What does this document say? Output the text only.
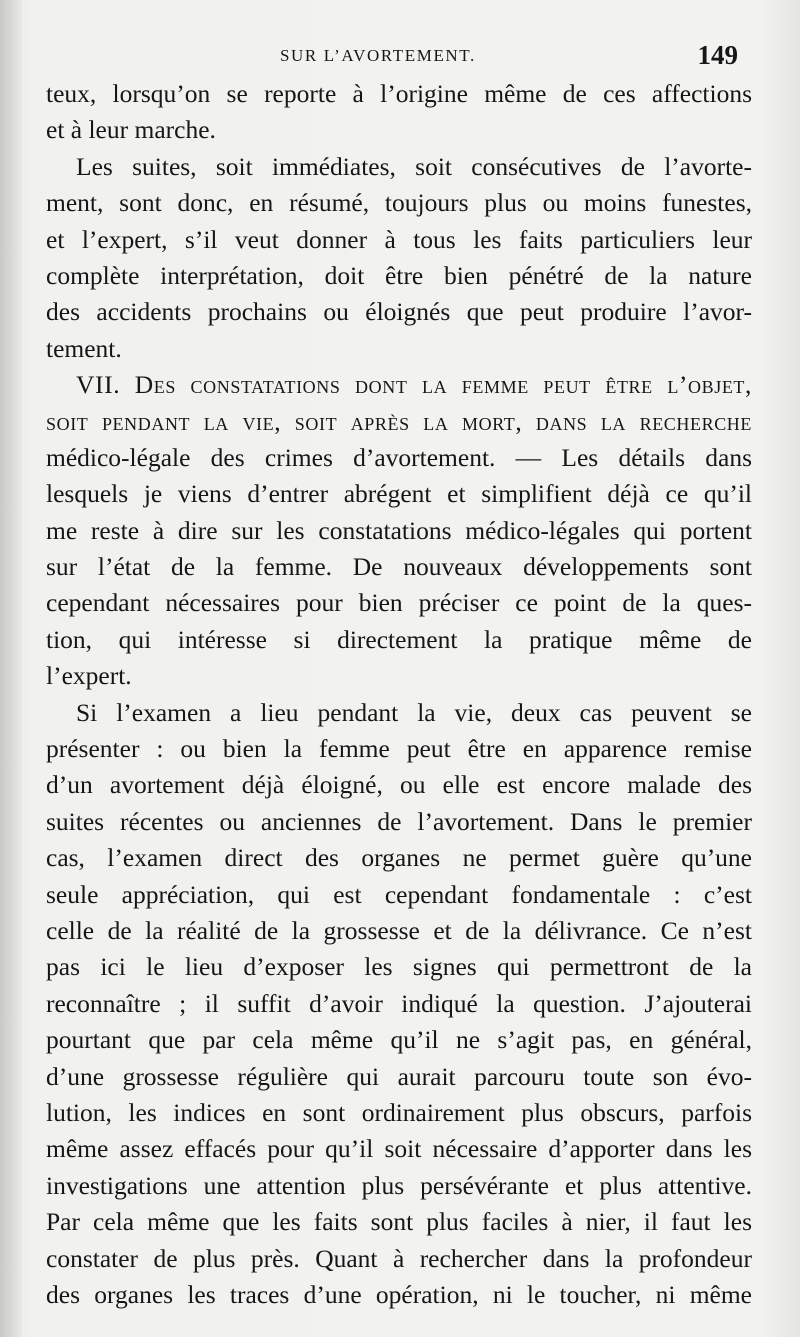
SUR L’AVORTEMENT.	149
teux, lorsqu’on se reporte à l’origine même de ces affections
et à leur marche.
Les suites, soit immédiates, soit consécutives de l’avorte-
ment, sont donc, en résumé, toujours plus ou moins funestes,
et l’expert, s’il veut donner à tous les faits particuliers leur
complète interprétation, doit être bien pénétré de la nature
des accidents prochains ou éloignés que peut produire l’avor-
tement.
VII. Des constatations dont la femme peut être l’objet,
soit pendant la vie, soit après la mort, dans la recherche
médico-légale des crimes d’avortement. — Les détails dans
lesquels je viens d’entrer abrégent et simplifient déjà ce qu’il
me reste à dire sur les constatations médico-légales qui portent
sur l’état de la femme. De nouveaux développements sont
cependant nécessaires pour bien préciser ce point de la ques-
tion, qui intéresse si directement la pratique même de
l’expert.
Si l’examen a lieu pendant la vie, deux cas peuvent se
présenter : ou bien la femme peut être en apparence remise
d’un avortement déjà éloigné, ou elle est encore malade des
suites récentes ou anciennes de l’avortement. Dans le premier
cas, l’examen direct des organes ne permet guère qu’une
seule appréciation, qui est cependant fondamentale : c’est
celle de la réalité de la grossesse et de la délivrance. Ce n’est
pas ici le lieu d’exposer les signes qui permettront de la
reconnaître ; il suffit d’avoir indiqué la question. J’ajouterai
pourtant que par cela même qu’il ne s’agit pas, en général,
d’une grossesse régulière qui aurait parcouru toute son évo-
lution, les indices en sont ordinairement plus obscurs, parfois
même assez effacés pour qu’il soit nécessaire d’apporter dans les
investigations une attention plus persévérante et plus attentive.
Par cela même que les faits sont plus faciles à nier, il faut les
constater de plus près. Quant à rechercher dans la profondeur
des organes les traces d’une opération, ni le toucher, ni même
